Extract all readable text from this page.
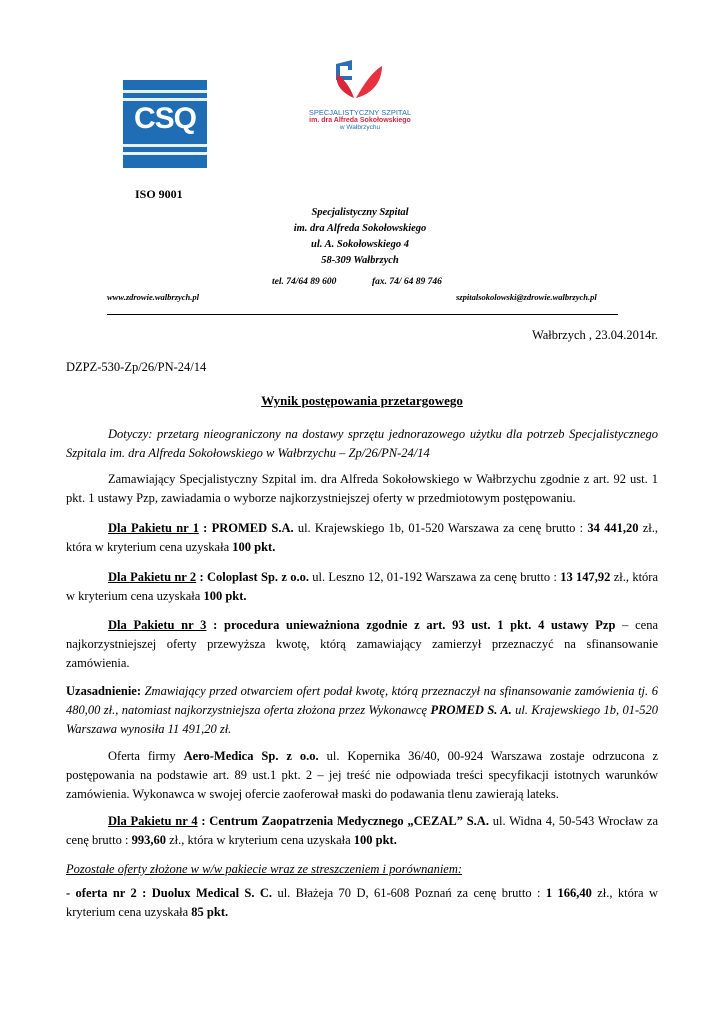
CSQ
ISO 9001
SPECJALISTYCZNY SZPITAL
im. dra Alfreda Sokołowskiego
w Wałbrzychu
Specjalistyczny Szpital
im. dra Alfreda Sokołowskiego
ul. A. Sokołowskiego 4
58-309 Wałbrzych
tel. 74/64 89 600	fax. 74/ 64 89 746
www.zdrowie.walbrzych.pl	szpitalsokolowski@zdrowie.walbrzych.pl
Wałbrzych , 23.04.2014r.
DZPZ-530-Zp/26/PN-24/14
Wynik postępowania przetargowego
Dotyczy: przetarg nieograniczony na dostawy sprzętu jednorazowego użytku dla potrzeb Specjalistycznego Szpitala im. dra Alfreda Sokołowskiego w Wałbrzychu – Zp/26/PN-24/14
Zamawiający Specjalistyczny Szpital im. dra Alfreda Sokołowskiego w Wałbrzychu zgodnie z art. 92 ust. 1 pkt. 1 ustawy Pzp, zawiadamia o wyborze najkorzystniejszej oferty w przedmiotowym postępowaniu.
Dla Pakietu nr 1 : PROMED S.A. ul. Krajewskiego 1b, 01-520 Warszawa za cenę brutto : 34 441,20 zł., która w kryterium cena uzyskała 100 pkt.
Dla Pakietu nr 2 : Coloplast Sp. z o.o. ul. Leszno 12, 01-192 Warszawa za cenę brutto : 13 147,92 zł., która w kryterium cena uzyskała 100 pkt.
Dla Pakietu nr 3 : procedura unieważniona zgodnie z art. 93 ust. 1 pkt. 4 ustawy Pzp – cena najkorzystniejszej oferty przewyższa kwotę, którą zamawiający zamierzył przeznaczyć na sfinansowanie zamówienia.
Uzasadnienie: Zmawiający przed otwarciem ofert podał kwotę, którą przeznaczył na sfinansowanie zamówienia tj. 6 480,00 zł., natomiast najkorzystniejsza oferta złożona przez Wykonawcę PROMED S. A. ul. Krajewskiego 1b, 01-520 Warszawa wynosiła 11 491,20 zł.
Oferta firmy Aero-Medica Sp. z o.o. ul. Kopernika 36/40, 00-924 Warszawa zostaje odrzucona z postępowania na podstawie art. 89 ust.1 pkt. 2 – jej treść nie odpowiada treści specyfikacji istotnych warunków zamówienia. Wykonawca w swojej ofercie zaoferował maski do podawania tlenu zawierają lateks.
Dla Pakietu nr 4 : Centrum Zaopatrzenia Medycznego „CEZAL” S.A. ul. Widna 4, 50-543 Wrocław za cenę brutto : 993,60 zł., która w kryterium cena uzyskała 100 pkt.
Pozostałe oferty złożone w w/w pakiecie wraz ze streszczeniem i porównaniem:
- oferta nr 2 : Duolux Medical S. C. ul. Błażeja 70 D, 61-608 Poznań za cenę brutto : 1 166,40 zł., która w kryterium cena uzyskała 85 pkt.
